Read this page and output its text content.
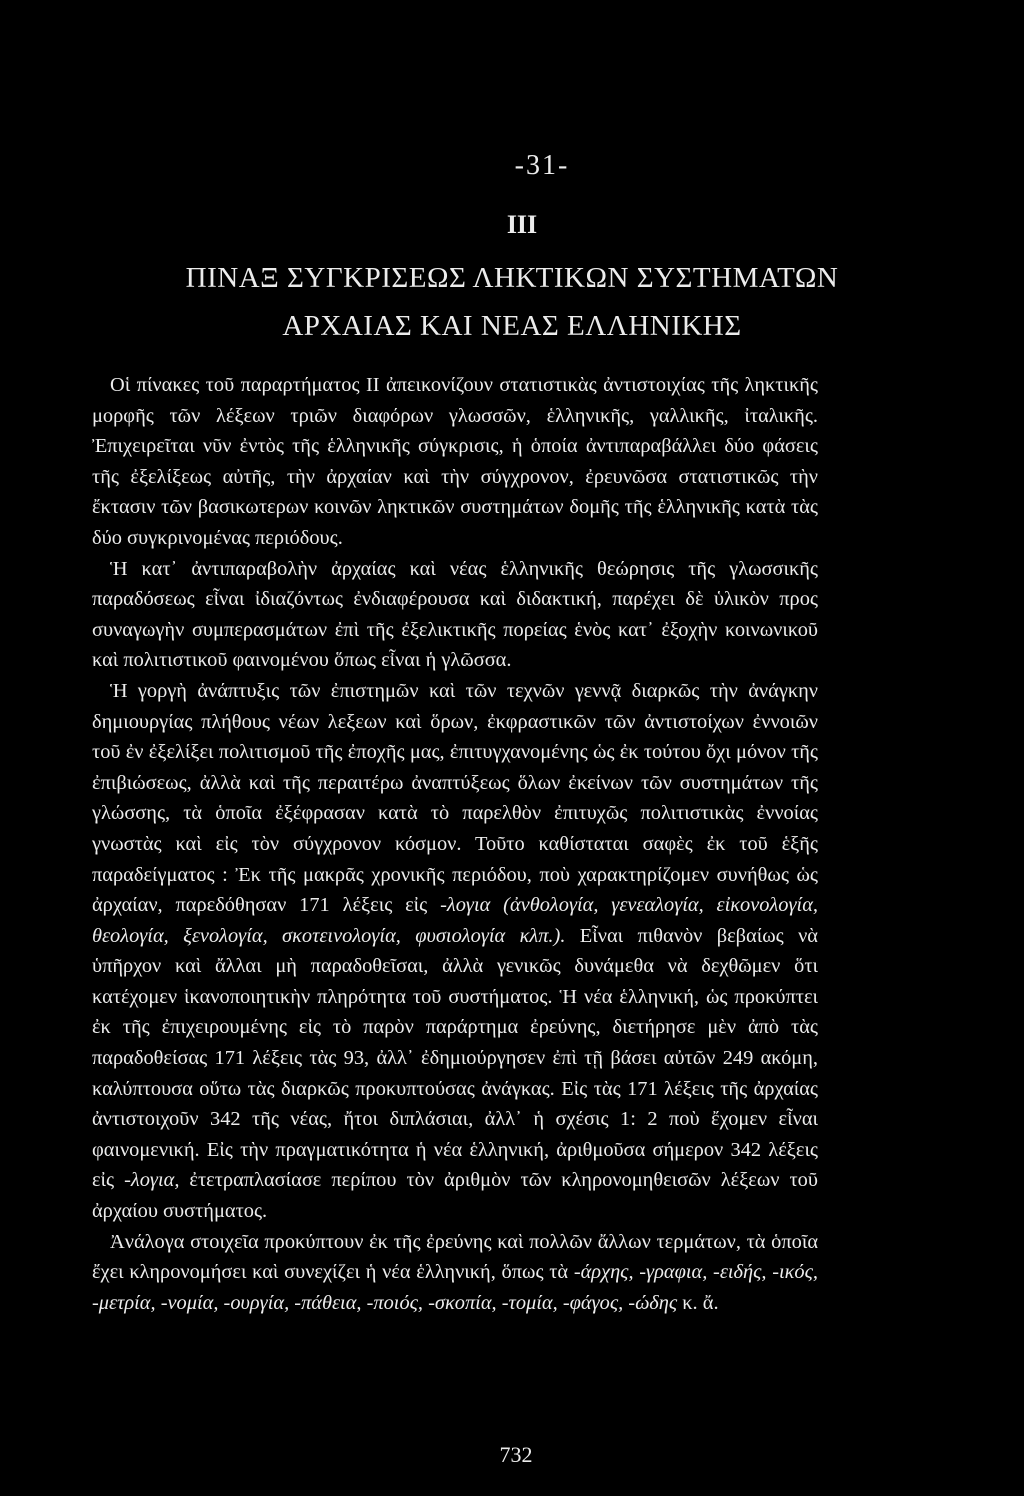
-31-
III
ΠΙΝΑΞ ΣΥΓΚΡΙΣΕΩΣ ΛΗΚΤΙΚΩΝ ΣΥΣΤΗΜΑΤΩΝ
ΑΡΧΑΙΑΣ ΚΑΙ ΝΕΑΣ ΕΛΛΗΝΙΚΗΣ

Οἱ πίνακες τοῦ παραρτήματος II ἀπεικονίζουν στατιστικὰς ἀντιστοιχίας τῆς ληκτικῆς μορφῆς τῶν λέξεων τριῶν διαφόρων γλωσσῶν, ἑλληνικῆς, γαλλικῆς, ἰταλικῆς. Ἐπιχειρεῖται νῦν ἐντὸς τῆς ἑλληνικῆς σύγκρισις, ἡ ὁποία ἀντιπαραβάλλει δύο φάσεις τῆς ἐξελίξεως αὐτῆς, τὴν ἀρχαίαν καὶ τὴν σύγχρονον, ἐρευνῶσα στατιστικῶς τὴν ἔκτασιν τῶν βασικωτερων κοινῶν ληκτικῶν συστημάτων δομῆς τῆς ἑλληνικῆς κατὰ τὰς δύο συγκρινομένας περιόδους.

Ἡ κατ᾽ ἀντιπαραβολὴν ἀρχαίας καὶ νέας ἑλληνικῆς θεώρησις τῆς γλωσσικῆς παραδόσεως εἶναι ἰδιαζόντως ἐνδιαφέρουσα καὶ διδακτική, παρέχει δὲ ὑλικὸν προς συναγωγὴν συμπερασμάτων ἐπὶ τῆς ἐξελικτικῆς πορείας ἑνὸς κατ᾽ ἐξοχὴν κοινωνικοῦ καὶ πολιτιστικοῦ φαινομένου ὅπως εἶναι ἡ γλῶσσα.

Ἡ γοργὴ ἀνάπτυξις τῶν ἐπιστημῶν καὶ τῶν τεχνῶν γεννᾷ διαρκῶς τὴν ἀνάγκην δημιουργίας πλήθους νέων λεξεων καὶ ὅρων, ἐκφραστικῶν τῶν ἀντιστοίχων ἐννοιῶν τοῦ ἐν ἐξελίξει πολιτισμοῦ τῆς ἐποχῆς μας, ἐπιτυγχανομένης ὡς ἐκ τούτου ὄχι μόνον τῆς ἐπιβιώσεως, ἀλλὰ καὶ τῆς περαιτέρω ἀναπτύξεως ὅλων ἐκείνων τῶν συστημάτων τῆς γλώσσης, τὰ ὁποῖα ἐξέφρασαν κατὰ τὸ παρελθὸν ἐπιτυχῶς πολιτιστικὰς ἐννοίας γνωστὰς καὶ εἰς τὸν σύγχρονον κόσμον. Τοῦτο καθίσταται σαφὲς ἐκ τοῦ ἑξῆς παραδείγματος : Ἐκ τῆς μακρᾶς χρονικῆς περιόδου, ποὺ χαρακτηρίζομεν συνήθως ὡς ἀρχαίαν, παρεδόθησαν 171 λέξεις εἰς -λογια (ἀνθολογία, γενεαλογία, εἰκονολογία, θεολογία, ξενολογία, σκοτεινολογία, φυσιολογία κλπ.). Εἶναι πιθανὸν βεβαίως νὰ ὑπῆρχον καὶ ἄλλαι μὴ παραδοθεῖσαι, ἀλλὰ γενικῶς δυνάμεθα νὰ δεχθῶμεν ὅτι κατέχομεν ἱκανοποιητικὴν πληρότητα τοῦ συστήματος. Ἡ νέα ἑλληνική, ὡς προκύπτει ἐκ τῆς ἐπιχειρουμένης εἰς τὸ παρὸν παράρτημα ἐρεύνης, διετήρησε μὲν ἀπὸ τὰς παραδοθείσας 171 λέξεις τὰς 93, ἀλλ᾽ ἐδημιούργησεν ἐπὶ τῇ βάσει αὐτῶν 249 ακόμη, καλύπτουσα οὕτω τὰς διαρκῶς προκυπτούσας ἀνάγκας. Εἰς τὰς 171 λέξεις τῆς ἀρχαίας ἀντιστοιχοῦν 342 τῆς νέας, ἤτοι διπλάσιαι, ἀλλ᾽ ἡ σχέσις 1: 2 ποὺ ἔχομεν εἶναι φαινομενική. Εἰς τὴν πραγματικότητα ἡ νέα ἑλληνική, ἀριθμοῦσα σήμερον 342 λέξεις εἰς -λογια, ἐτετραπλασίασε περίπου τὸν ἀριθμὸν τῶν κληρονομηθεισῶν λέξεων τοῦ ἀρχαίου συστήματος.

Ἀνάλογα στοιχεῖα προκύπτουν ἐκ τῆς ἐρεύνης καὶ πολλῶν ἄλλων τερμάτων, τὰ ὁποῖα ἔχει κληρονομήσει καὶ συνεχίζει ἡ νέα ἑλληνική, ὅπως τὰ -άρχης, -γραφια, -ειδής, -ικός, -μετρία, -νομία, -ουργία, -πάθεια, -ποιός, -σκοπία, -τομία, -φάγος, -ώδης κ. ἄ.

732
